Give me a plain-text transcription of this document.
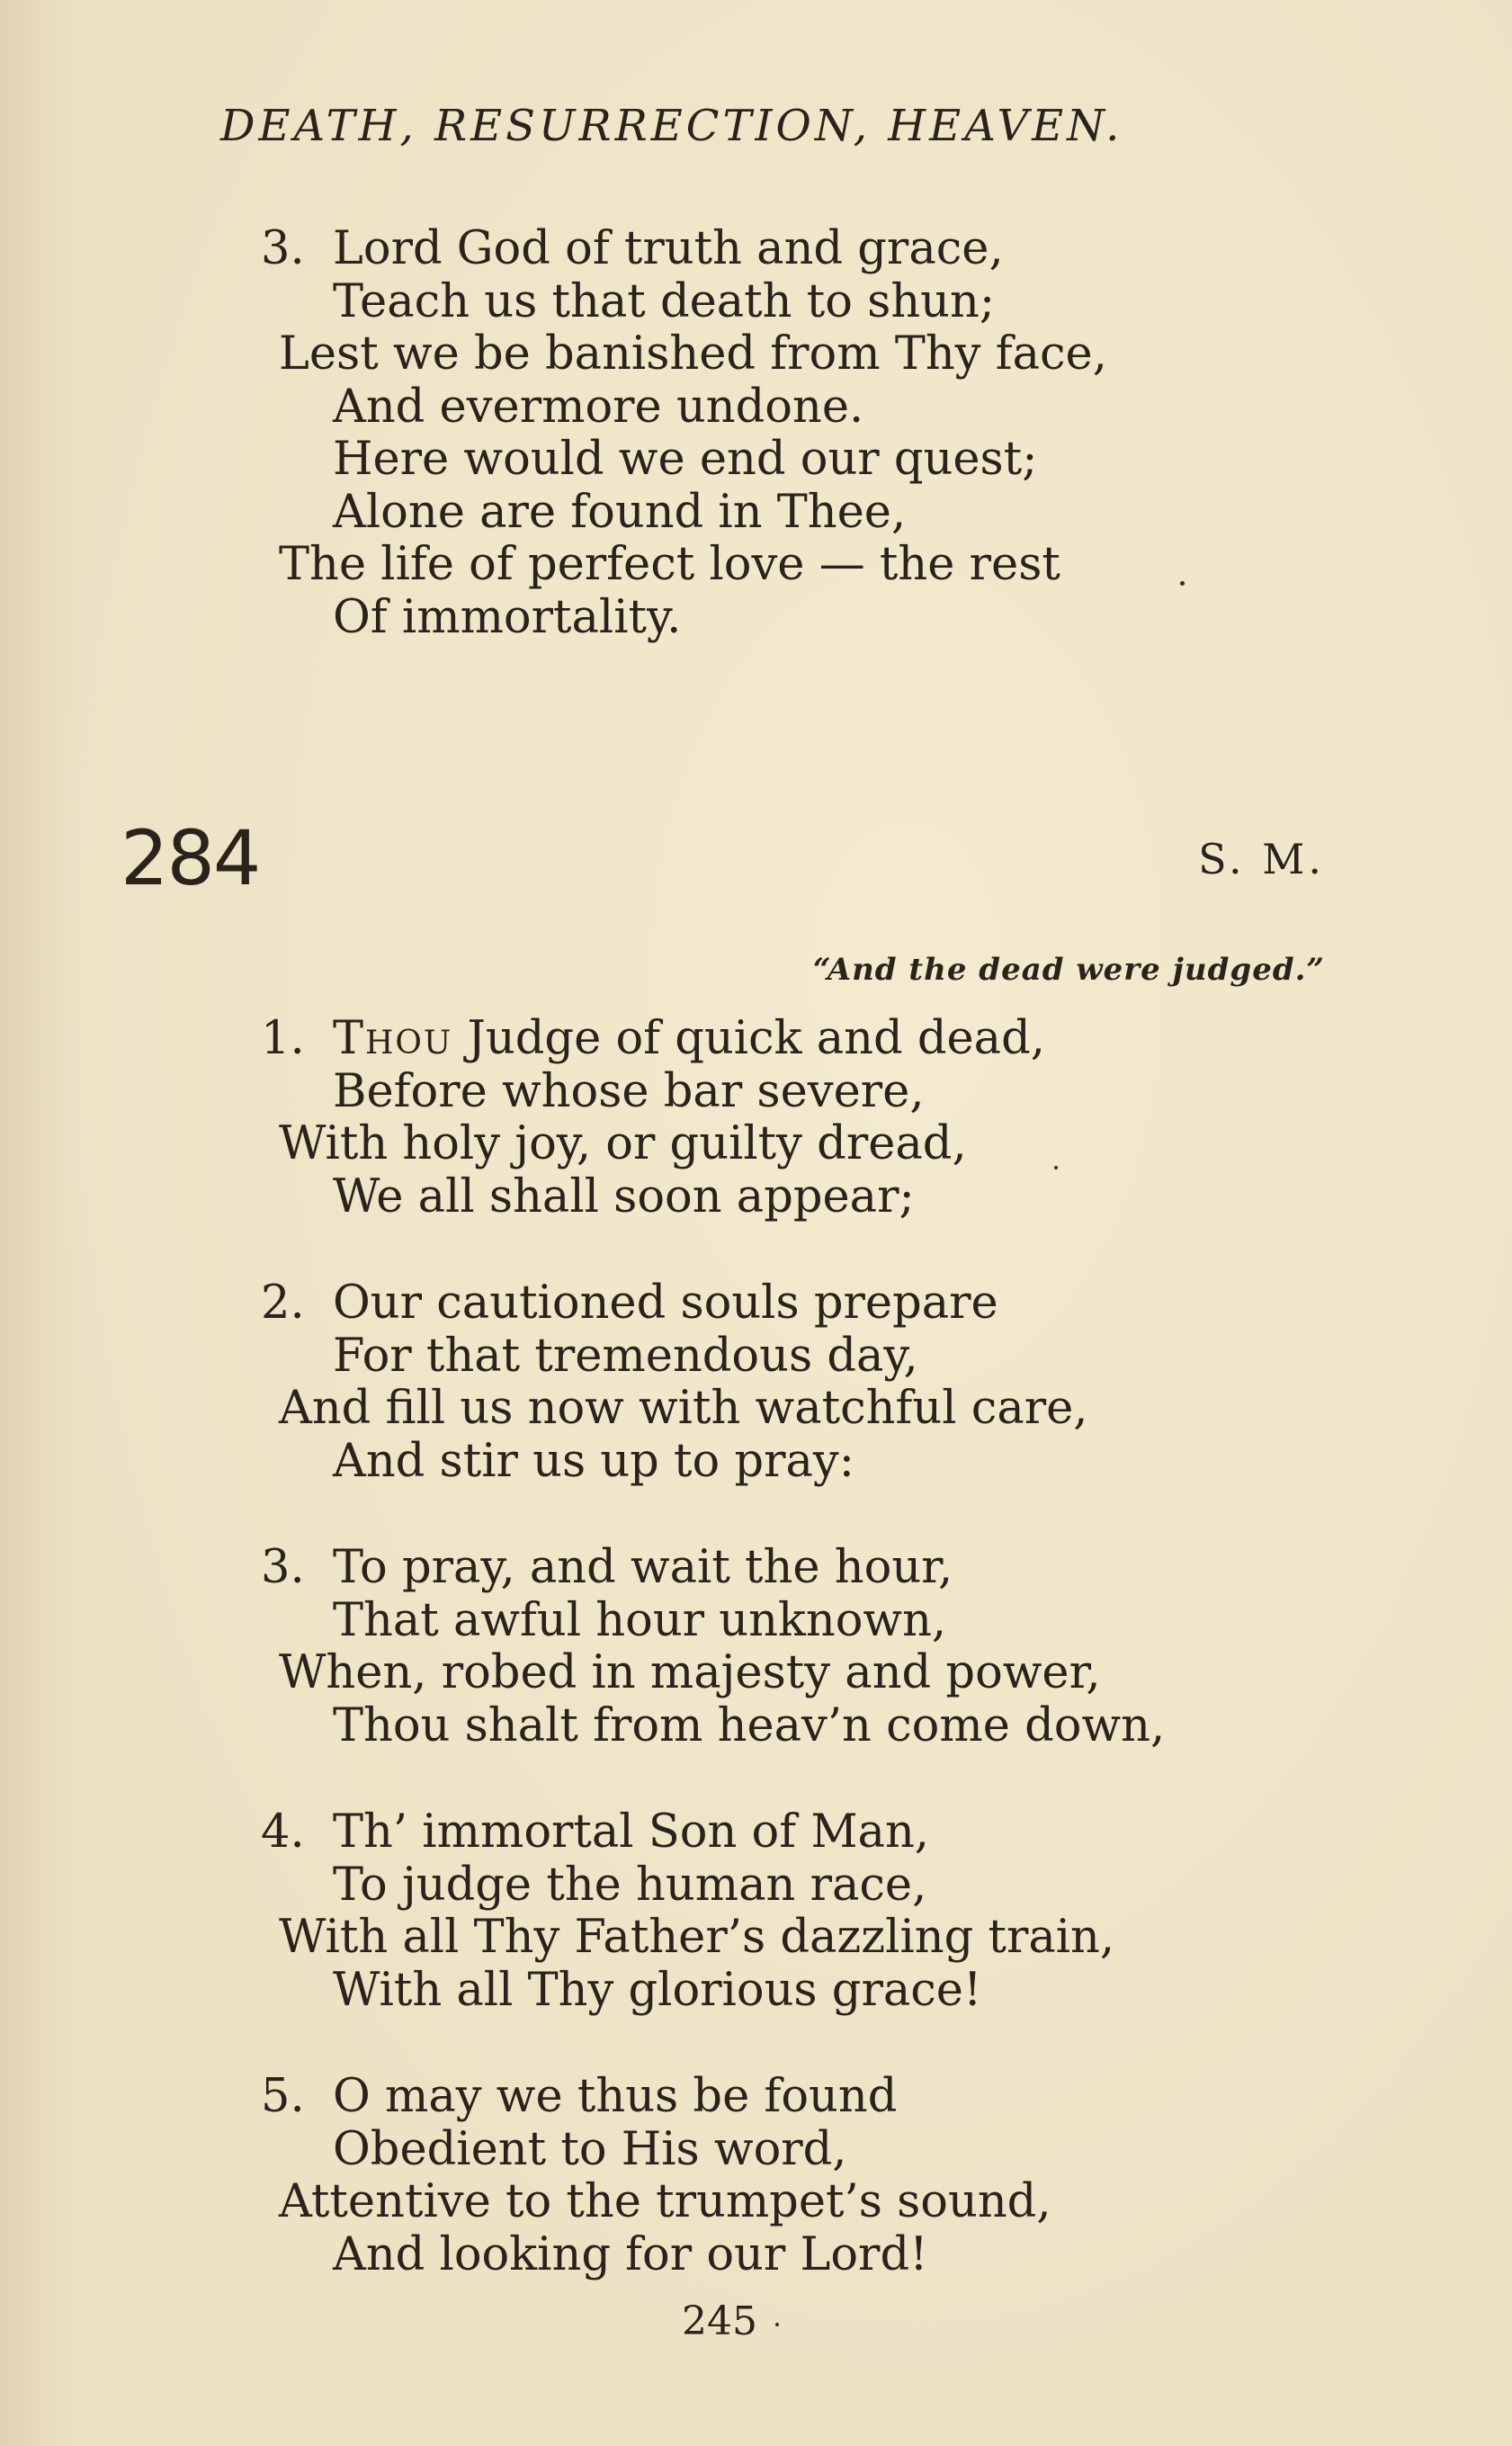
DEATH, RESURRECTION, HEAVEN.
3. Lord God of truth and grace,
Teach us that death to shun;
Lest we be banished from Thy face,
And evermore undone.
Here would we end our quest;
Alone are found in Thee,
The life of perfect love — the rest
Of immortality.
284	S. M.
“And the dead were judged.”
1. Thou Judge of quick and dead,
Before whose bar severe,
With holy joy, or guilty dread,
We all shall soon appear;
2. Our cautioned souls prepare
For that tremendous day,
And fill us now with watchful care,
And stir us up to pray:
3. To pray, and wait the hour,
That awful hour unknown,
When, robed in majesty and power,
Thou shalt from heav’n come down,
4. Th’ immortal Son of Man,
To judge the human race,
With all Thy Father’s dazzling train,
With all Thy glorious grace!
5. O may we thus be found
Obedient to His word,
Attentive to the trumpet’s sound,
And looking for our Lord!
245
